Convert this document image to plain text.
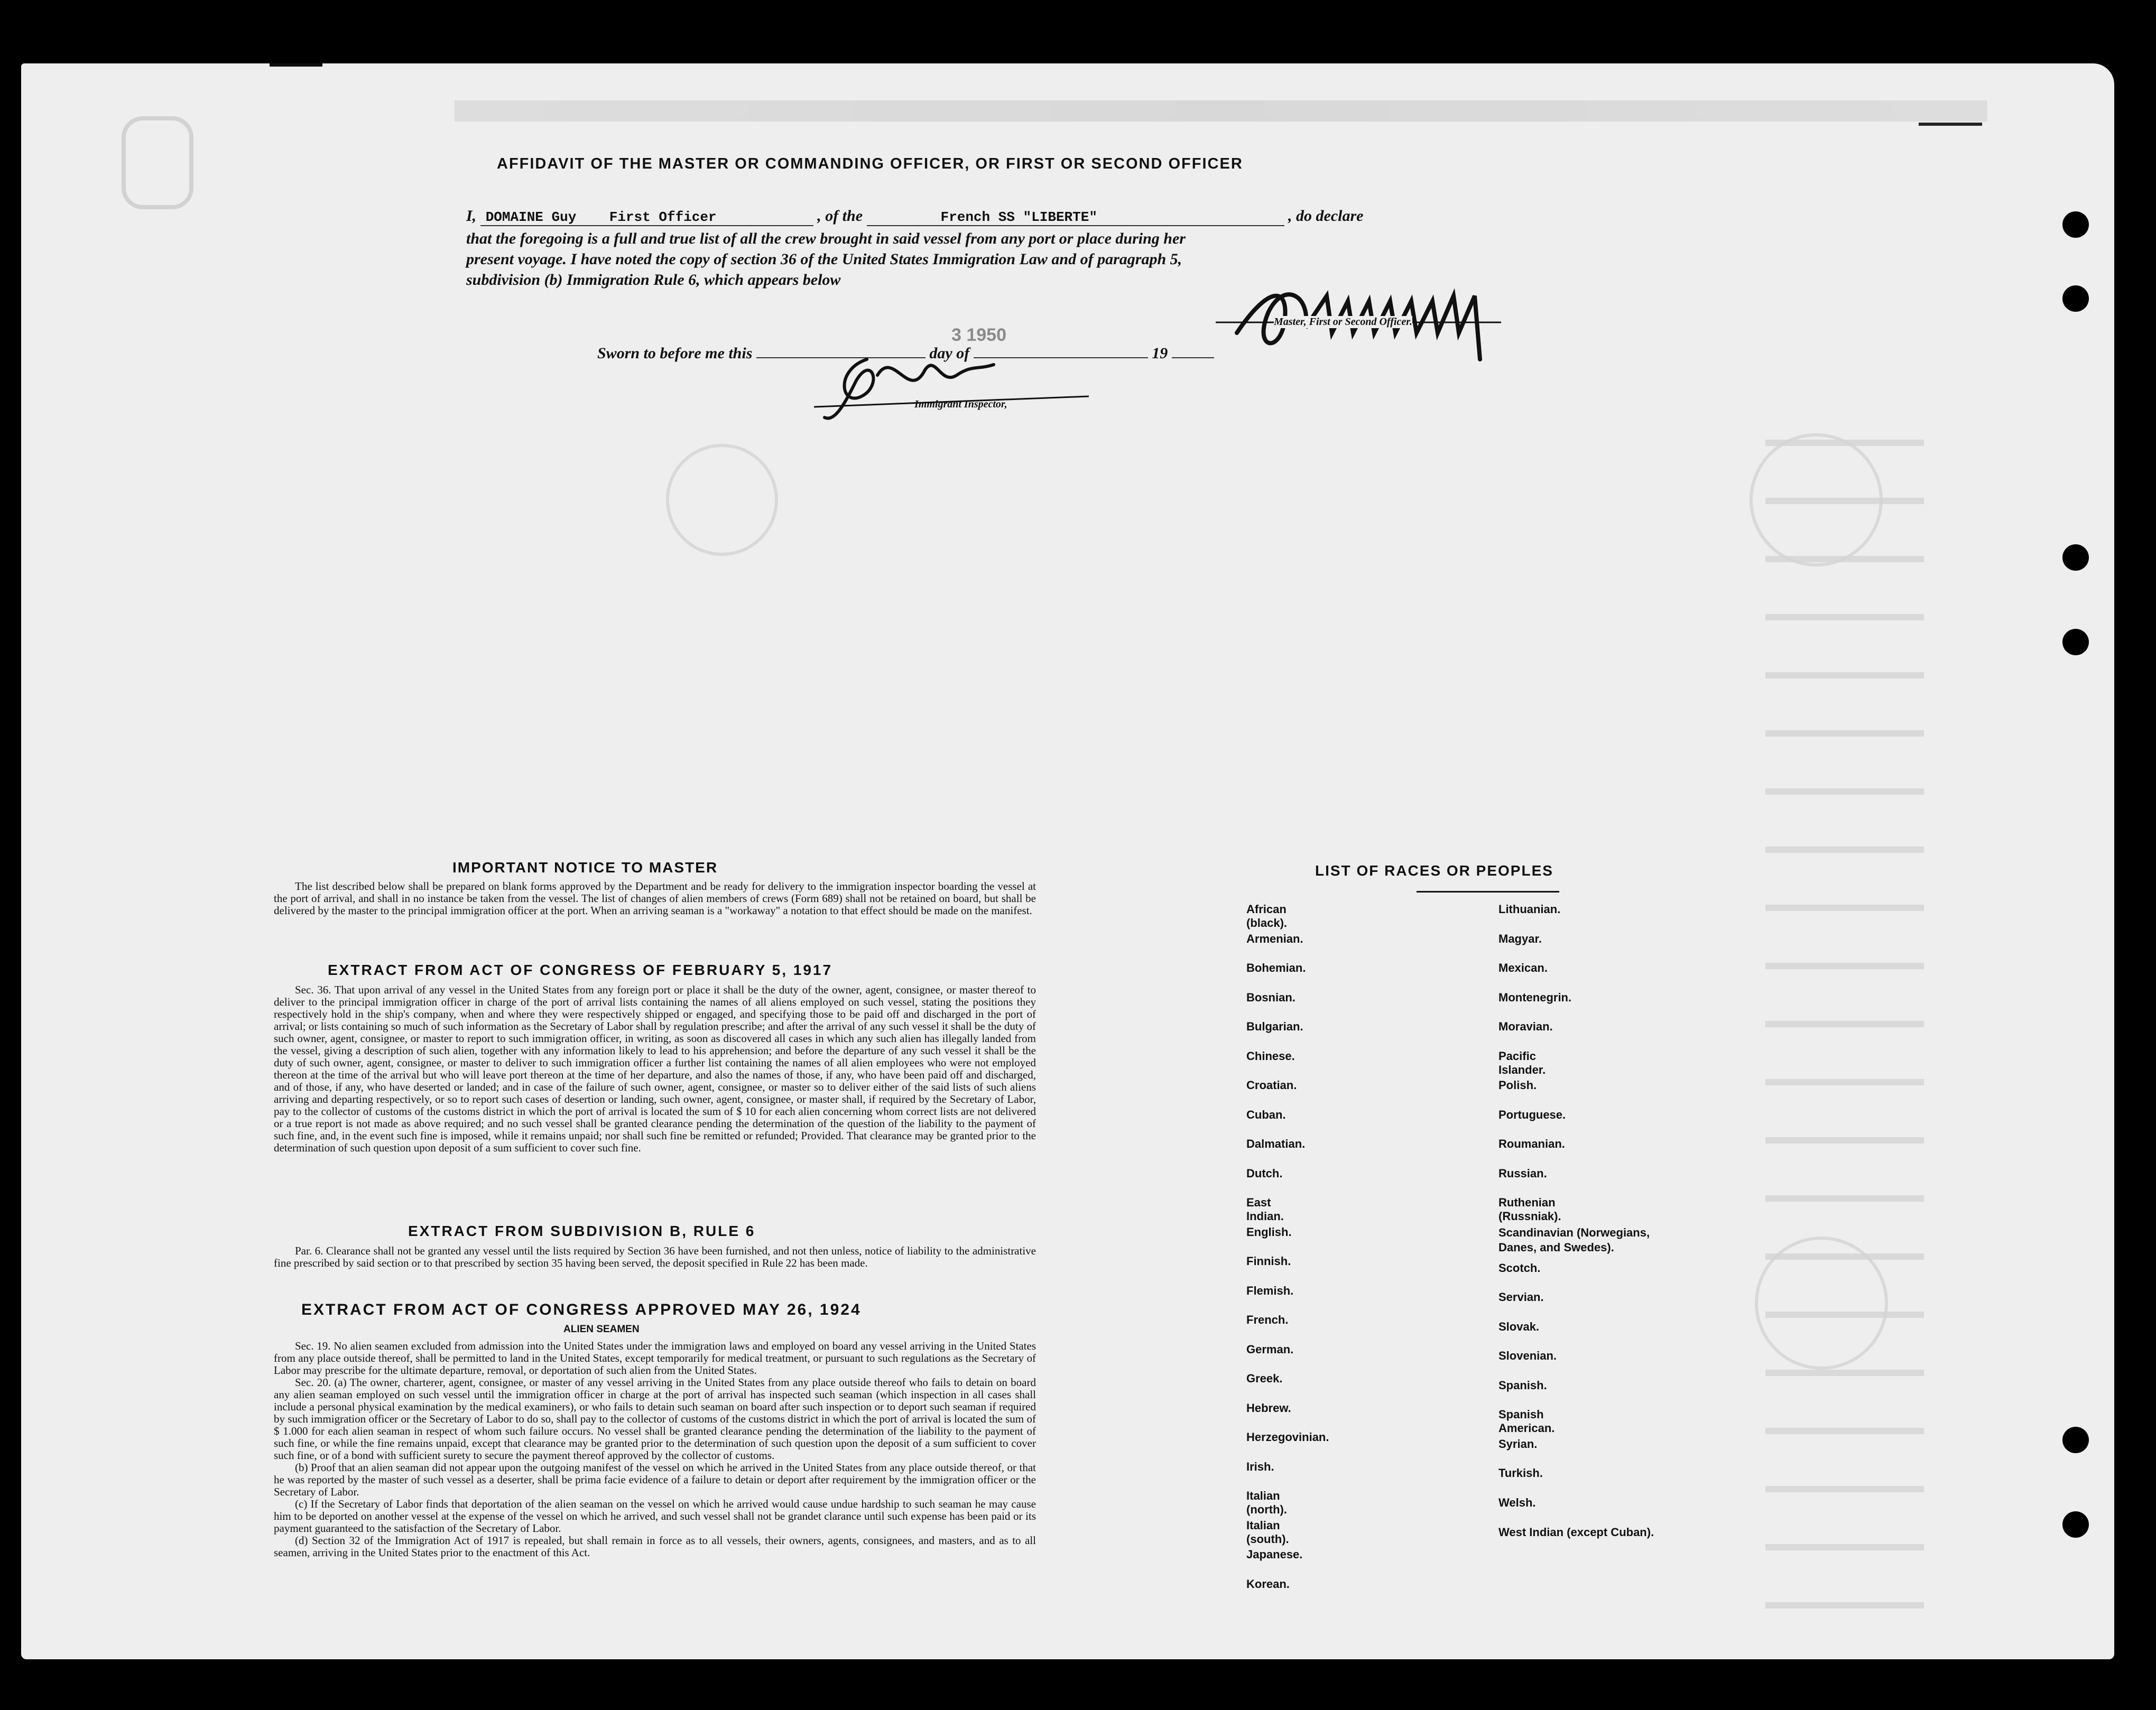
AFFIDAVIT OF THE MASTER OR COMMANDING OFFICER, OR FIRST OR SECOND OFFICER
I, DOMAINE Guy First Officer	, of the	French SS "LIBERTE"	, do declare
that the foregoing is a full and true list of all the crew brought in said vessel from any port or place during her
present voyage. I have noted the copy of section 36 of the United States Immigration Law and of paragraph 5,
subdivision (b) Immigration Rule 6, which appears below
Master, First or Second Officer.
3 1950
Sworn to before me this	day of	19
Immigrant Inspector,
IMPORTANT NOTICE TO MASTER
The list described below shall be prepared on blank forms approved by the Department and be ready for delivery to the immigration inspector boarding the vessel at the port of arrival, and shall in no instance be taken from the vessel. The list of changes of alien members of crews (Form 689) shall not be retained on board, but shall be delivered by the master to the principal immigration officer at the port. When an arriving seaman is a "workaway" a notation to that effect should be made on the manifest.
EXTRACT FROM ACT OF CONGRESS OF FEBRUARY 5, 1917
Sec. 36. That upon arrival of any vessel in the United States from any foreign port or place it shall be the duty of the owner, agent, consignee, or master thereof to deliver to the principal immigration officer in charge of the port of arrival lists containing the names of all aliens employed on such vessel, stating the positions they respectively hold in the ship's company, when and where they were respectively shipped or engaged, and specifying those to be paid off and discharged in the port of arrival; or lists containing so much of such information as the Secretary of Labor shall by regulation prescribe; and after the arrival of any such vessel it shall be the duty of such owner, agent, consignee, or master to report to such immigration officer, in writing, as soon as discovered all cases in which any such alien has illegally landed from the vessel, giving a description of such alien, together with any information likely to lead to his apprehension; and before the departure of any such vessel it shall be the duty of such owner, agent, consignee, or master to deliver to such immigration officer a further list containing the names of all alien employees who were not employed thereon at the time of the arrival but who will leave port thereon at the time of her departure, and also the names of those, if any, who have been paid off and discharged, and of those, if any, who have deserted or landed; and in case of the failure of such owner, agent, consignee, or master so to deliver either of the said lists of such aliens arriving and departing respectively, or so to report such cases of desertion or landing, such owner, agent, consignee, or master shall, if required by the Secretary of Labor, pay to the collector of customs of the customs district in which the port of arrival is located the sum of $ 10 for each alien concerning whom correct lists are not delivered or a true report is not made as above required; and no such vessel shall be granted clearance pending the determination of the question of the liability to the payment of such fine, and, in the event such fine is imposed, while it remains unpaid; nor shall such fine be remitted or refunded; Provided. That clearance may be granted prior to the determination of such question upon deposit of a sum sufficient to cover such fine.
EXTRACT FROM SUBDIVISION B, RULE 6
Par. 6. Clearance shall not be granted any vessel until the lists required by Section 36 have been furnished, and not then unless, notice of liability to the administrative fine prescribed by said section or to that prescribed by section 35 having been served, the deposit specified in Rule 22 has been made.
EXTRACT FROM ACT OF CONGRESS APPROVED MAY 26, 1924
ALIEN SEAMEN
Sec. 19. No alien seamen excluded from admission into the United States under the immigration laws and employed on board any vessel arriving in the United States from any place outside thereof, shall be permitted to land in the United States, except temporarily for medical treatment, or pursuant to such regulations as the Secretary of Labor may prescribe for the ultimate departure, removal, or deportation of such alien from the United States.
Sec. 20. (a) The owner, charterer, agent, consignee, or master of any vessel arriving in the United States from any place outside thereof who fails to detain on board any alien seaman employed on such vessel until the immigration officer in charge at the port of arrival has inspected such seaman (which inspection in all cases shall include a personal physical examination by the medical examiners), or who fails to detain such seaman on board after such inspection or to deport such seaman if required by such immigration officer or the Secretary of Labor to do so, shall pay to the collector of customs of the customs district in which the port of arrival is located the sum of $ 1.000 for each alien seaman in respect of whom such failure occurs. No vessel shall be granted clearance pending the determination of the liability to the payment of such fine, or while the fine remains unpaid, except that clearance may be granted prior to the determination of such question upon the deposit of a sum sufficient to cover such fine, or of a bond with sufficient surety to secure the payment thereof approved by the collector of customs.
(b) Proof that an alien seaman did not appear upon the outgoing manifest of the vessel on which he arrived in the United States from any place outside thereof, or that he was reported by the master of such vessel as a deserter, shall be prima facie evidence of a failure to detain or deport after requirement by the immigration officer or the Secretary of Labor.
(c) If the Secretary of Labor finds that deportation of the alien seaman on the vessel on which he arrived would cause undue hardship to such seaman he may cause him to be deported on another vessel at the expense of the vessel on which he arrived, and such vessel shall not be grandet clarance until such expense has been paid or its payment guaranteed to the satisfaction of the Secretary of Labor.
(d) Section 32 of the Immigration Act of 1917 is repealed, but shall remain in force as to all vessels, their owners, agents, consignees, and masters, and as to all seamen, arriving in the United States prior to the enactment of this Act.
LIST OF RACES OR PEOPLES
African (black).
Armenian.
Bohemian.
Bosnian.
Bulgarian.
Chinese.
Croatian.
Cuban.
Dalmatian.
Dutch.
East Indian.
English.
Finnish.
Flemish.
French.
German.
Greek.
Hebrew.
Herzegovinian.
Irish.
Italian (north).
Italian (south).
Japanese.
Korean.
Lithuanian.
Magyar.
Mexican.
Montenegrin.
Moravian.
Pacific Islander.
Polish.
Portuguese.
Roumanian.
Russian.
Ruthenian (Russniak).
Scandinavian (Norwegians, Danes, and Swedes).
Scotch.
Servian.
Slovak.
Slovenian.
Spanish.
Spanish American.
Syrian.
Turkish.
Welsh.
West Indian (except Cuban).
